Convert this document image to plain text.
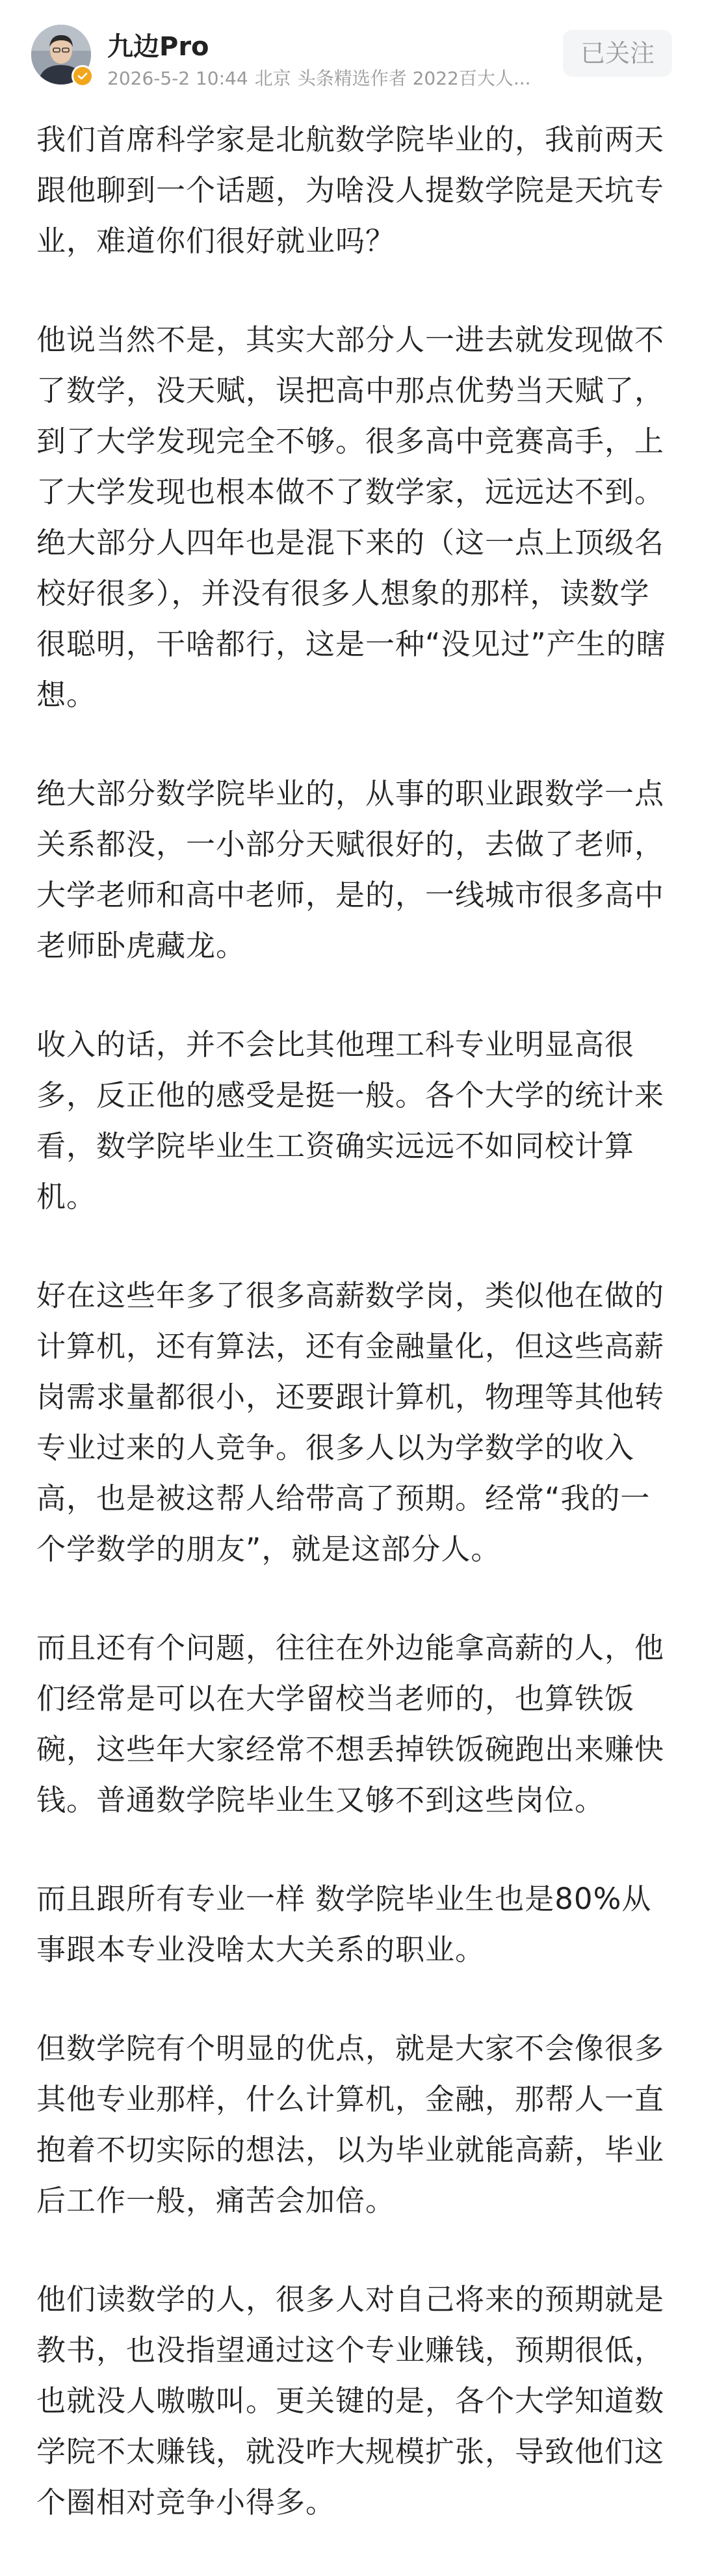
九边Pro
2026-5-2 10:44 北京 头条精选作者 2022百大人...
已关注

我们首席科学家是北航数学院毕业的，我前两天跟他聊到一个话题，为啥没人提数学院是天坑专业，难道你们很好就业吗？

他说当然不是，其实大部分人一进去就发现做不了数学，没天赋，误把高中那点优势当天赋了，到了大学发现完全不够。很多高中竞赛高手，上了大学发现也根本做不了数学家，远远达不到。绝大部分人四年也是混下来的（这一点上顶级名校好很多），并没有很多人想象的那样，读数学很聪明，干啥都行，这是一种“没见过”产生的瞎想。

绝大部分数学院毕业的，从事的职业跟数学一点关系都没，一小部分天赋很好的，去做了老师，大学老师和高中老师，是的，一线城市很多高中老师卧虎藏龙。

收入的话，并不会比其他理工科专业明显高很多，反正他的感受是挺一般。各个大学的统计来看，数学院毕业生工资确实远远不如同校计算机。

好在这些年多了很多高薪数学岗，类似他在做的计算机，还有算法，还有金融量化，但这些高薪岗需求量都很小，还要跟计算机，物理等其他转专业过来的人竞争。很多人以为学数学的收入高，也是被这帮人给带高了预期。经常“我的一个学数学的朋友”，就是这部分人。

而且还有个问题，往往在外边能拿高薪的人，他们经常是可以在大学留校当老师的，也算铁饭碗，这些年大家经常不想丢掉铁饭碗跑出来赚快钱。普通数学院毕业生又够不到这些岗位。

而且跟所有专业一样 数学院毕业生也是80%从事跟本专业没啥太大关系的职业。

但数学院有个明显的优点，就是大家不会像很多其他专业那样，什么计算机，金融，那帮人一直抱着不切实际的想法，以为毕业就能高薪，毕业后工作一般，痛苦会加倍。

他们读数学的人，很多人对自己将来的预期就是教书，也没指望通过这个专业赚钱，预期很低，也就没人嗷嗷叫。更关键的是，各个大学知道数学院不太赚钱，就没咋大规模扩张，导致他们这个圈相对竞争小得多。
